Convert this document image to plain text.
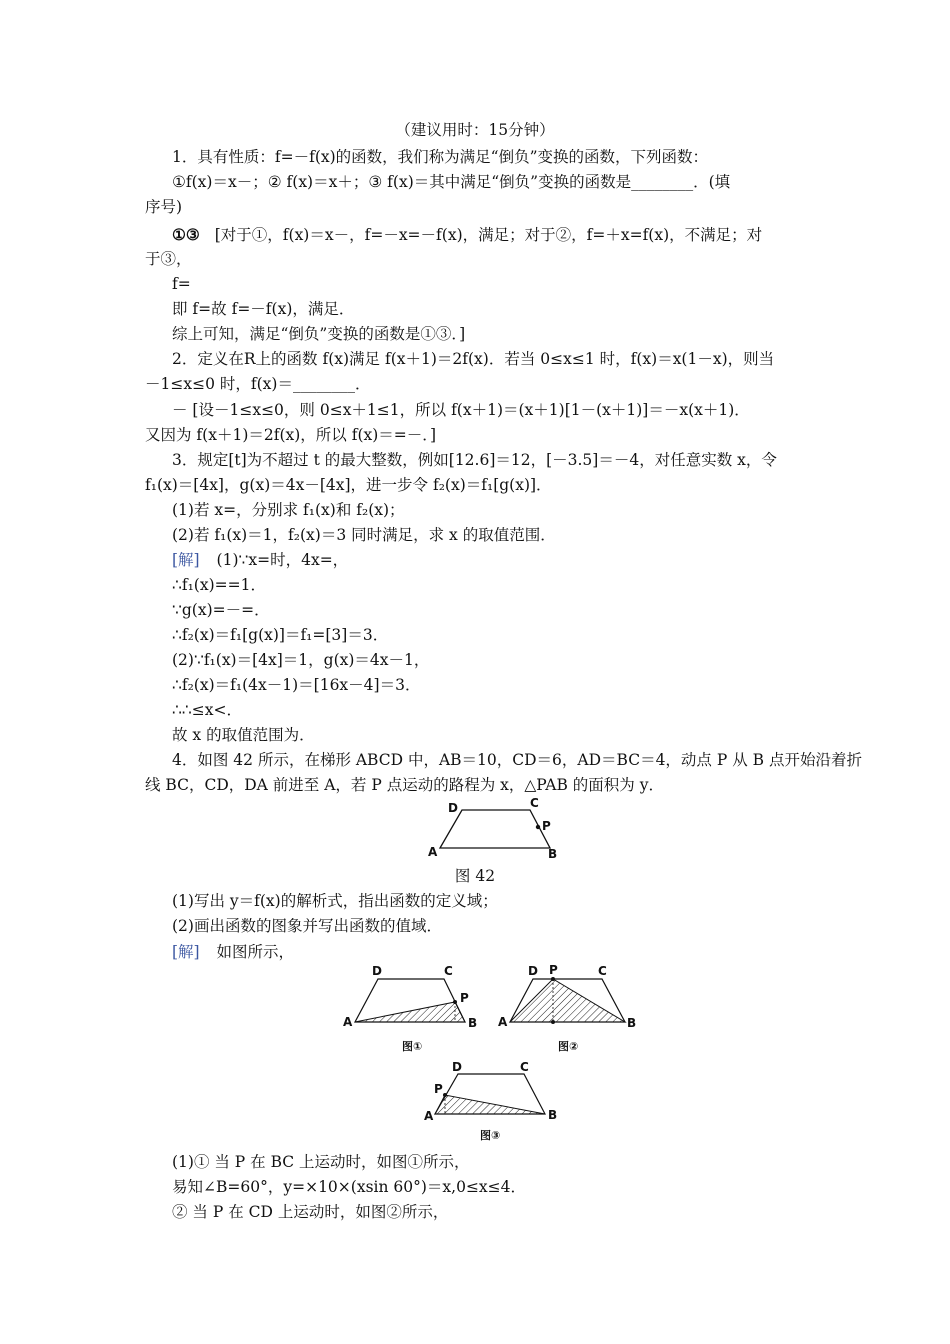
（建议用时：15分钟）
1．具有性质：f=－f(x)的函数，我们称为满足“倒负”变换的函数，下列函数：
①f(x)＝x－；② f(x)＝x＋；③ f(x)＝其中满足“倒负”变换的函数是________．(填
序号)
①③ [对于①，f(x)＝x－，f=－x=－f(x)，满足；对于②，f=＋x=f(x)，不满足；对
于③，
f=
即 f=故 f=－f(x)，满足．
综上可知，满足“倒负”变换的函数是①③．]
2．定义在R上的函数 f(x)满足 f(x＋1)＝2f(x)．若当 0≤x≤1 时，f(x)＝x(1－x)，则当
－1≤x≤0 时，f(x)＝________．
－ [设－1≤x≤0，则 0≤x＋1≤1，所以 f(x＋1)＝(x＋1)[1－(x＋1)]＝－x(x＋1)．
又因为 f(x＋1)＝2f(x)，所以 f(x)＝=－．]
3．规定[t]为不超过 t 的最大整数，例如[12.6]＝12，[－3.5]＝－4，对任意实数 x，令
f₁(x)＝[4x]，g(x)＝4x－[4x]，进一步令 f₂(x)＝f₁[g(x)]．
(1)若 x=，分别求 f₁(x)和 f₂(x)；
(2)若 f₁(x)＝1，f₂(x)＝3 同时满足，求 x 的取值范围．
[解] (1)∵x=时，4x=，
∴f₁(x)==1．
∵g(x)=－=．
∴f₂(x)＝f₁[g(x)]＝f₁=[3]＝3．
(2)∵f₁(x)＝[4x]＝1，g(x)＝4x－1，
∴f₂(x)＝f₁(4x－1)＝[16x－4]＝3．
∴∴≤x<．
故 x 的取值范围为．
4．如图 42 所示，在梯形 ABCD 中，AB＝10，CD＝6，AD＝BC＝4，动点 P 从 B 点开始沿着折
线 BC，CD，DA 前进至 A，若 P 点运动的路程为 x，△PAB 的面积为 y．
A	B
C
D
P
图 42
(1)写出 y＝f(x)的解析式，指出函数的定义域；
(2)画出函数的图象并写出函数的值域．
[解] 如图所示，
A	B
C
D
P
图①
A	B
C
D P
图②
A	B
C
D
P
图③
(1)① 当 P 在 BC 上运动时，如图①所示，
易知∠B=60°，y=×10×(xsin 60°)＝x,0≤x≤4．
② 当 P 在 CD 上运动时，如图②所示，
